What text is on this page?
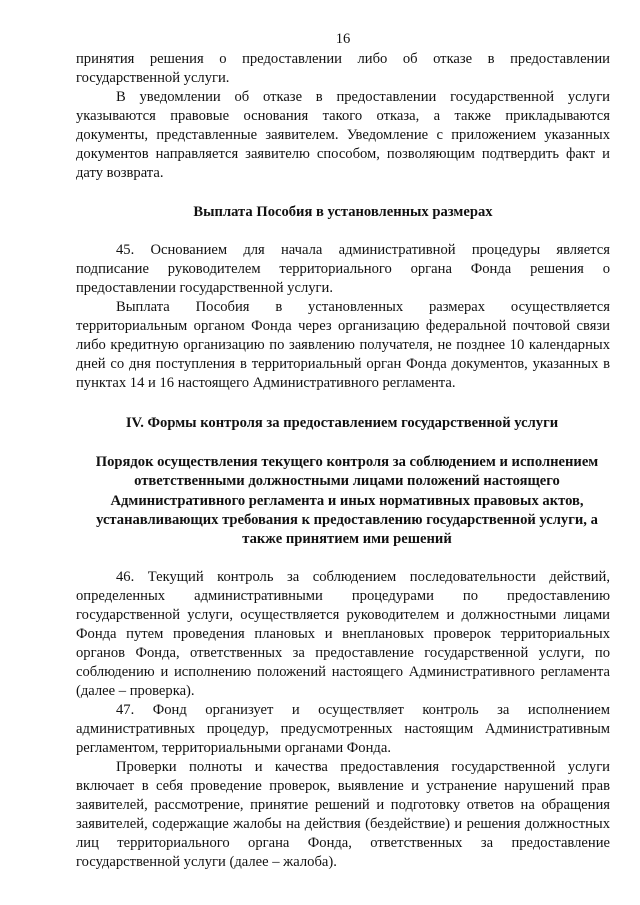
16

принятия решения о предоставлении либо об отказе в предоставлении государственной услуги.

В уведомлении об отказе в предоставлении государственной услуги указываются правовые основания такого отказа, а также прикладываются документы, представленные заявителем. Уведомление с приложением указанных документов направляется заявителю способом, позволяющим подтвердить факт и дату возврата.

Выплата Пособия в установленных размерах

45. Основанием для начала административной процедуры является подписание руководителем территориального органа Фонда решения о предоставлении государственной услуги.

Выплата Пособия в установленных размерах осуществляется территориальным органом Фонда через организацию федеральной почтовой связи либо кредитную организацию по заявлению получателя, не позднее 10 календарных дней со дня поступления в территориальный орган Фонда документов, указанных в пунктах 14 и 16 настоящего Административного регламента.

IV. Формы контроля за предоставлением государственной услуги
Порядок осуществления текущего контроля за соблюдением и исполнением ответственными должностными лицами положений настоящего Административного регламента и иных нормативных правовых актов, устанавливающих требования к предоставлению государственной услуги, а также принятием ими решений

46. Текущий контроль за соблюдением последовательности действий, определенных административными процедурами по предоставлению государственной услуги, осуществляется руководителем и должностными лицами Фонда путем проведения плановых и внеплановых проверок территориальных органов Фонда, ответственных за предоставление государственной услуги, по соблюдению и исполнению положений настоящего Административного регламента (далее – проверка).

47. Фонд организует и осуществляет контроль за исполнением административных процедур, предусмотренных настоящим Административным регламентом, территориальными органами Фонда.

Проверки полноты и качества предоставления государственной услуги включает в себя проведение проверок, выявление и устранение нарушений прав заявителей, рассмотрение, принятие решений и подготовку ответов на обращения заявителей, содержащие жалобы на действия (бездействие) и решения должностных лиц территориального органа Фонда, ответственных за предоставление государственной услуги (далее – жалоба).
